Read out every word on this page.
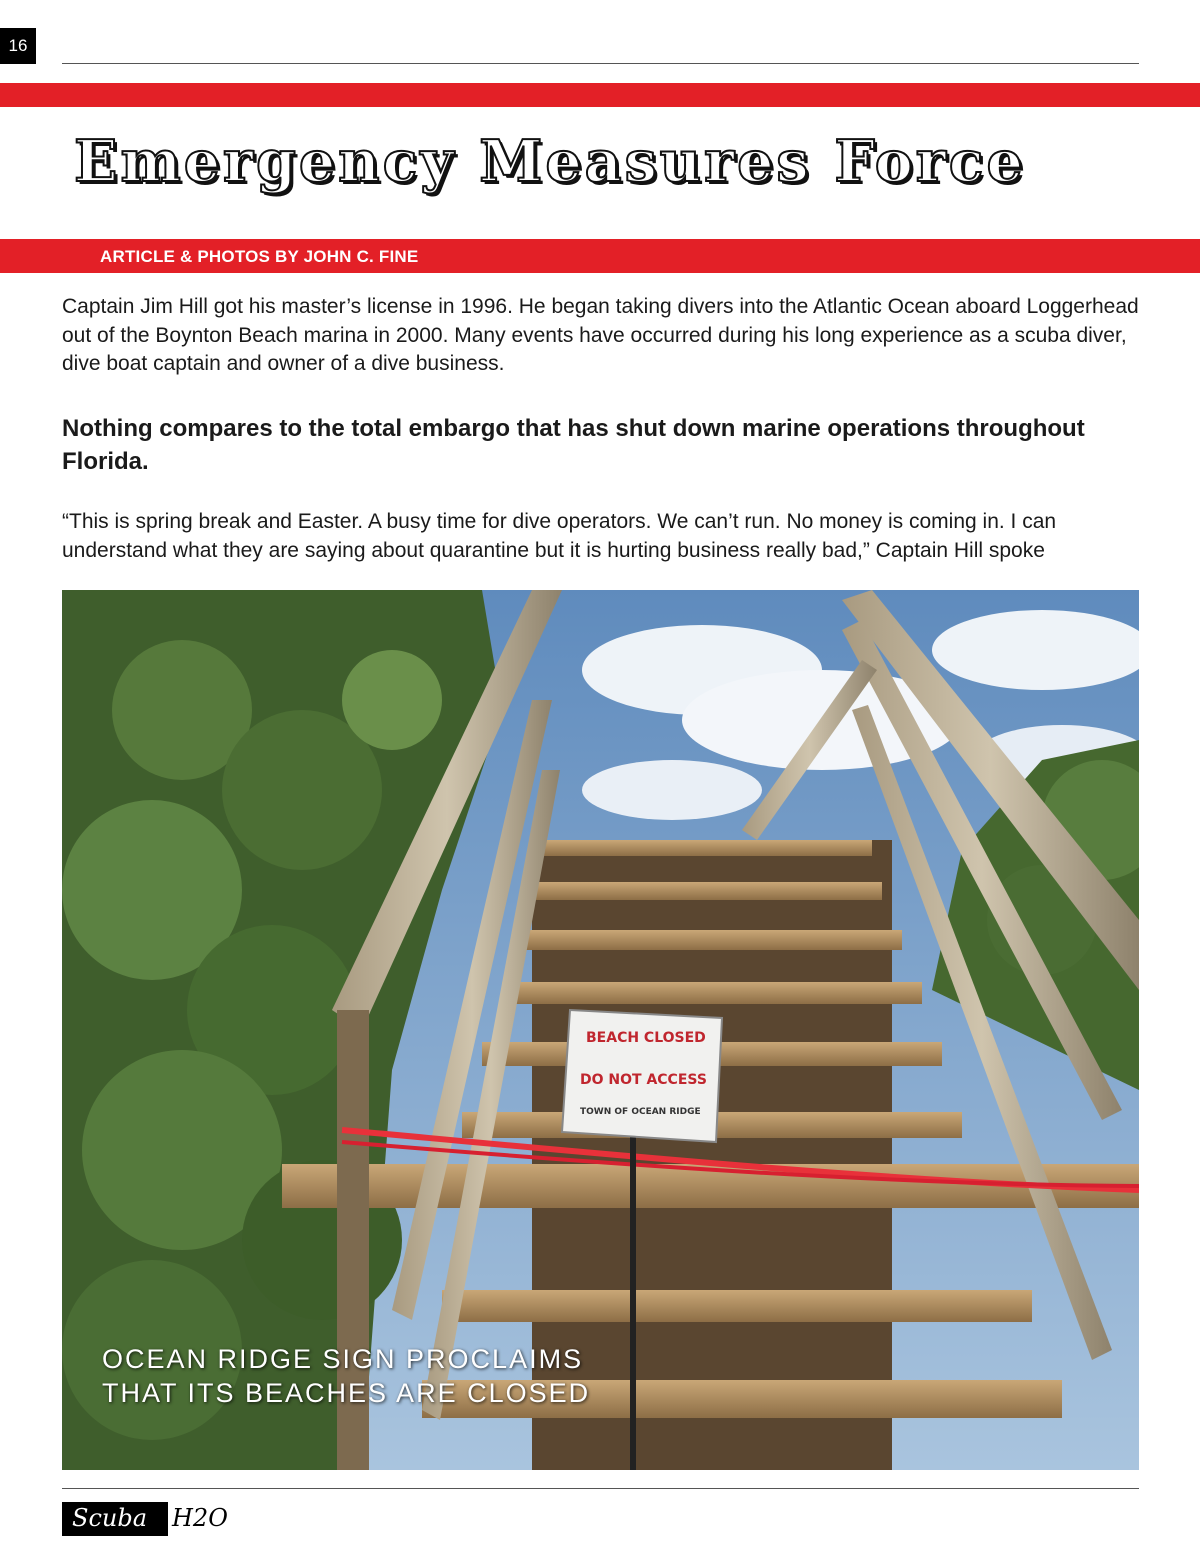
16
Emergency Measures Force
ARTICLE & PHOTOS BY JOHN C. FINE

Captain Jim Hill got his master’s license in 1996. He began taking divers into the Atlantic Ocean aboard Loggerhead out of the Boynton Beach marina in 2000. Many events have occurred during his long experience as a scuba diver, dive boat captain and owner of a dive business.

Nothing compares to the total embargo that has shut down marine operations throughout Florida.

“This is spring break and Easter. A busy time for dive operators. We can’t run. No money is coming in. I can understand what they are saying about quarantine but it is hurting business really bad,” Captain Hill spoke

BEACH CLOSED
DO NOT ACCESS
TOWN OF OCEAN RIDGE

OCEAN RIDGE SIGN PROCLAIMS
THAT ITS BEACHES ARE CLOSED

Scuba H2O
